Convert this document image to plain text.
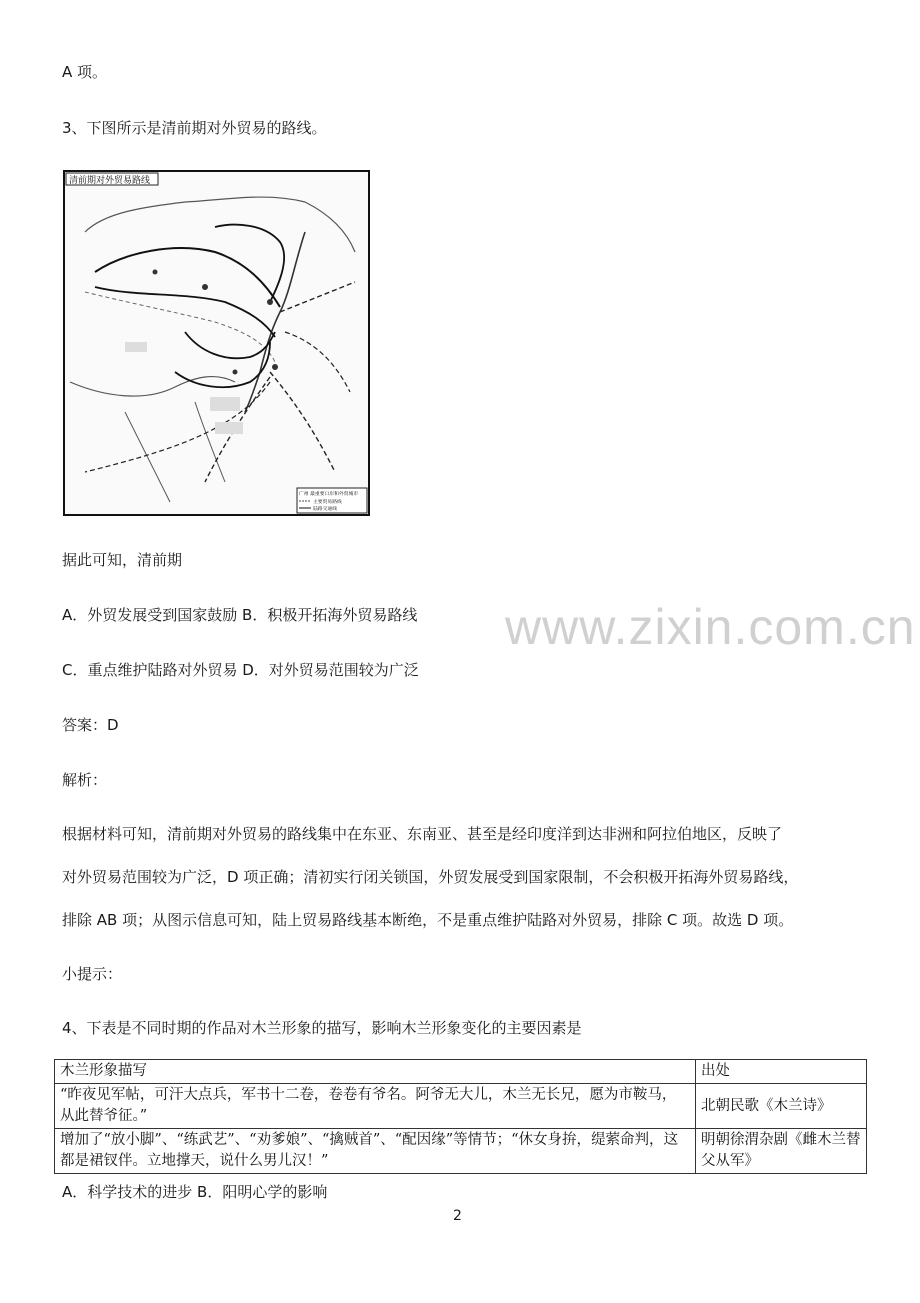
A 项。
3、下图所示是清前期对外贸易的路线。
清前期对外贸易路线
广州 最重要口岸和外贸城市
主要贸易路线
陆路交通线
据此可知，清前期
A．外贸发展受到国家鼓励 B．积极开拓海外贸易路线
C．重点维护陆路对外贸易 D．对外贸易范围较为广泛
答案：D
解析：
根据材料可知，清前期对外贸易的路线集中在东亚、东南亚、甚至是经印度洋到达非洲和阿拉伯地区，反映了
对外贸易范围较为广泛，D 项正确；清初实行闭关锁国，外贸发展受到国家限制，不会积极开拓海外贸易路线，
排除 AB 项；从图示信息可知，陆上贸易路线基本断绝，不是重点维护陆路对外贸易，排除 C 项。故选 D 项。
小提示：
4、下表是不同时期的作品对木兰形象的描写，影响木兰形象变化的主要因素是
www.zixin.com.cn
木兰形象描写	出处
“昨夜见军帖，可汗大点兵，军书十二卷，卷卷有爷名。阿爷无大儿，木兰无长兄，愿为市鞍马，从此替爷征。”	北朝民歌《木兰诗》
增加了“放小脚”、“练武艺”、“劝爹娘”、“擒贼首”、“配因缘”等情节；“休女身拚，缇萦命判，这都是裙钗伴。立地撑天，说什么男儿汉！”	明朝徐渭杂剧《雌木兰替父从军》
A．科学技术的进步 B．阳明心学的影响
2
